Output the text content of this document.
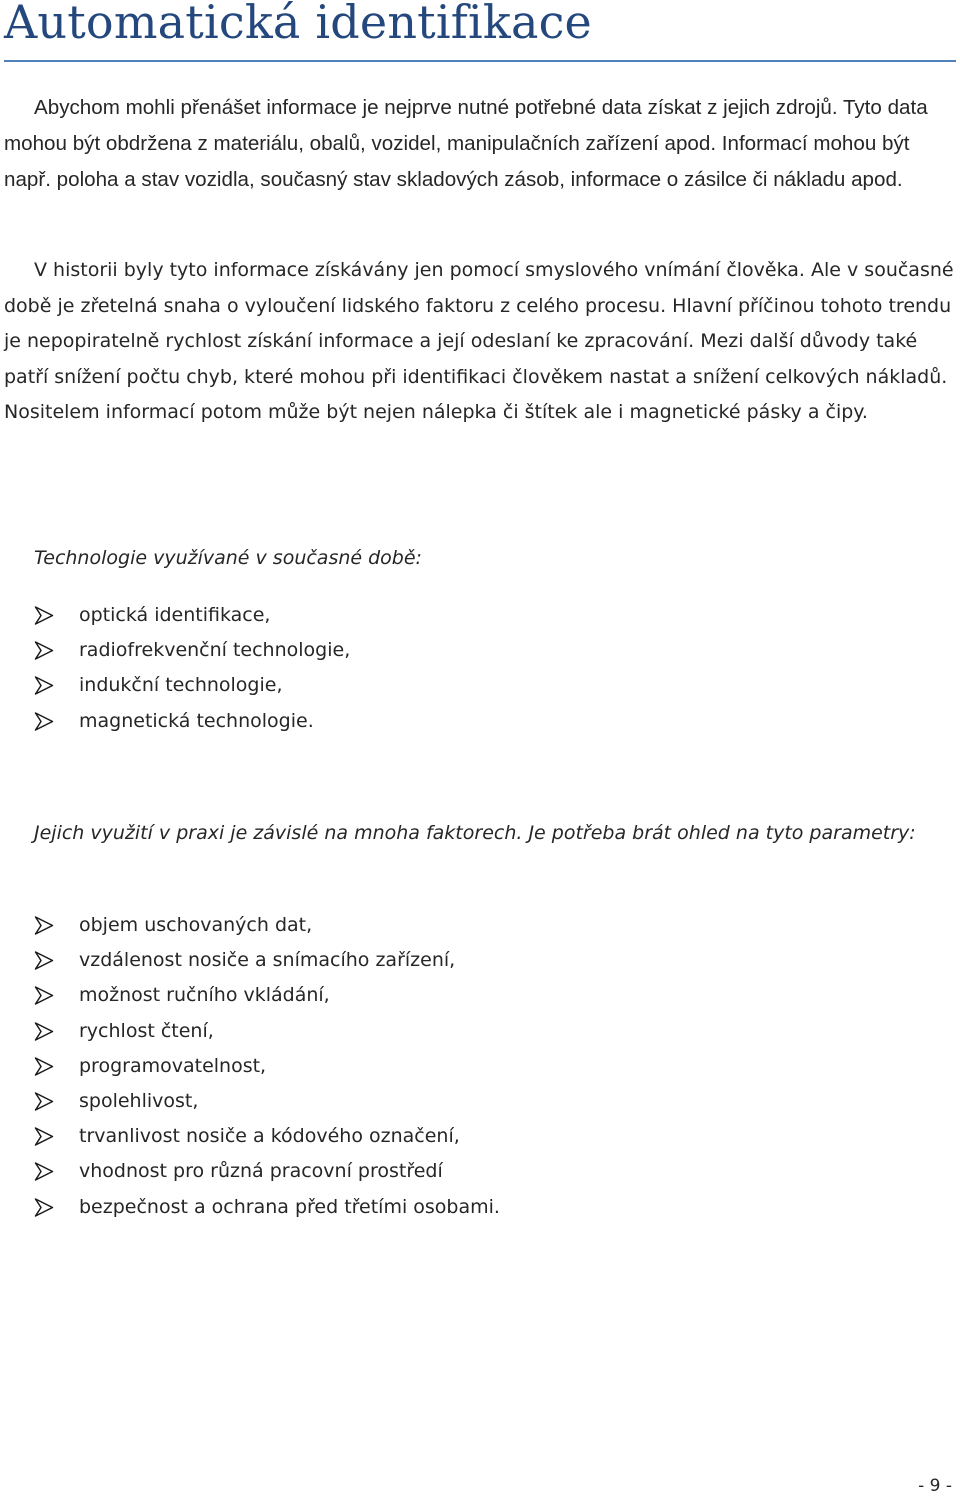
Automatická identifikace

Abychom mohli přenášet informace je nejprve nutné potřebné data získat z jejich zdrojů. Tyto data mohou být obdržena z materiálu, obalů, vozidel, manipulačních zařízení apod. Informací mohou být např. poloha a stav vozidla, současný stav skladových zásob, informace o zásilce či nákladu apod.

V historii byly tyto informace získávány jen pomocí smyslového vnímání člověka. Ale v současné době je zřetelná snaha o vyloučení lidského faktoru z celého procesu. Hlavní příčinou tohoto trendu je nepopiratelně rychlost získání informace a její odeslaní ke zpracování. Mezi další důvody také patří snížení počtu chyb, které mohou při identifikaci člověkem nastat a snížení celkových nákladů. Nositelem informací potom může být nejen nálepka či štítek ale i magnetické pásky a čipy.

Technologie využívané v současné době:

optická identifikace,
radiofrekvenční technologie,
indukční technologie,
magnetická technologie.

Jejich využití v praxi je závislé na mnoha faktorech. Je potřeba brát ohled na tyto parametry:

objem uschovaných dat,
vzdálenost nosiče a snímacího zařízení,
možnost ručního vkládání,
rychlost čtení,
programovatelnost,
spolehlivost,
trvanlivost nosiče a kódového označení,
vhodnost pro různá pracovní prostředí
bezpečnost a ochrana před třetími osobami.
- 9 -
